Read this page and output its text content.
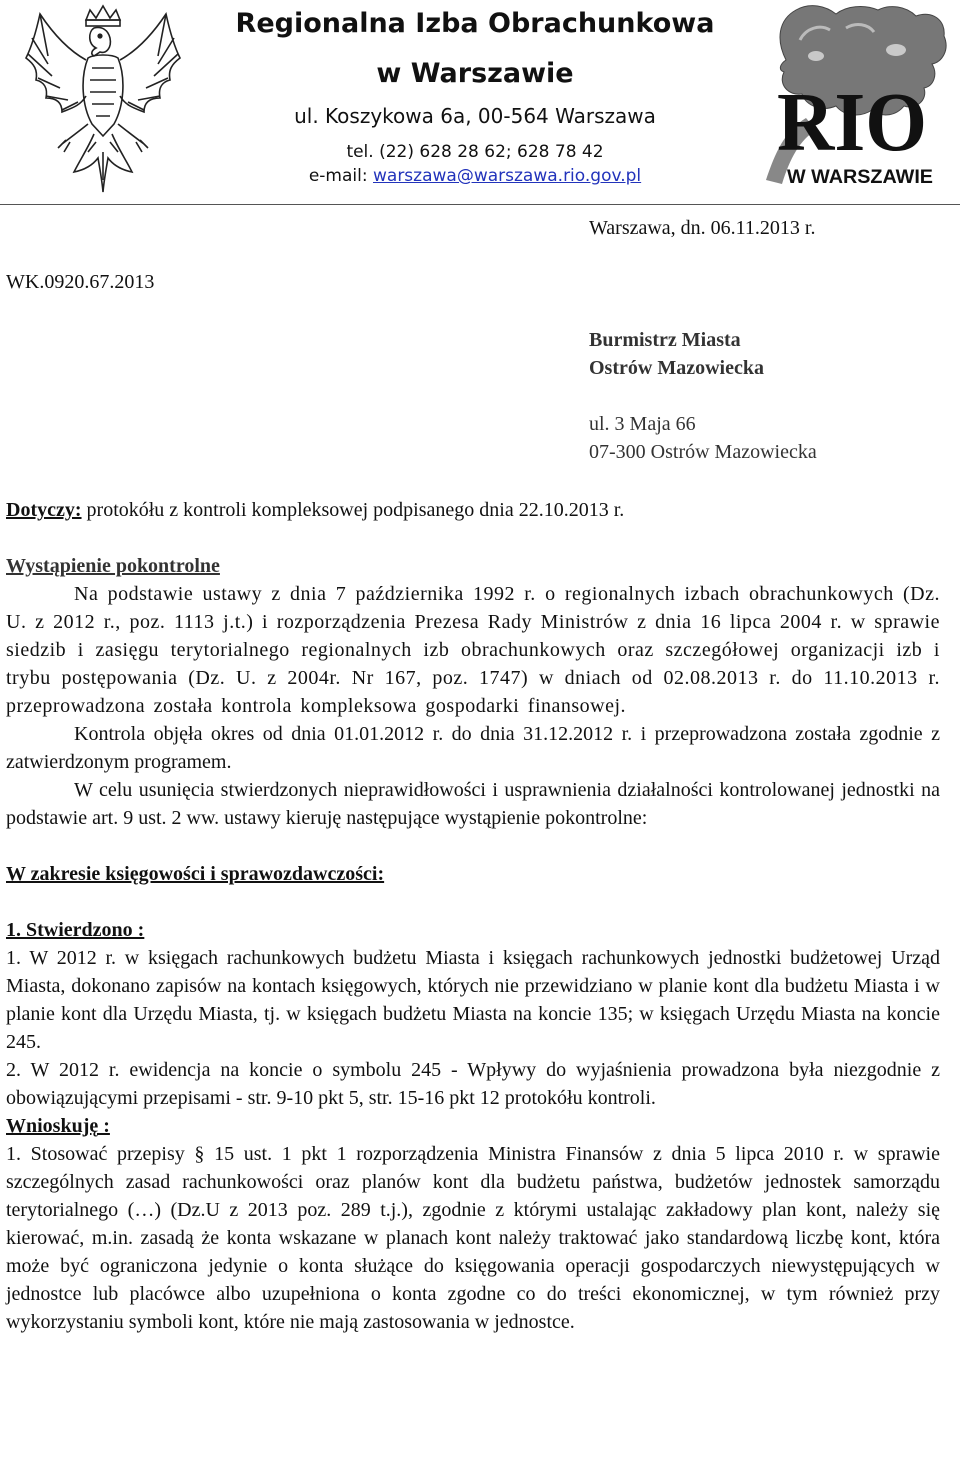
Regionalna Izba Obrachunkowa
w Warszawie
ul. Koszykowa 6a, 00-564 Warszawa
tel. (22) 628 28 62; 628 78 42
e-mail: warszawa@warszawa.rio.gov.pl
RIO
W WARSZAWIE
Warszawa, dn. 06.11.2013 r.
WK.0920.67.2013
Burmistrz Miasta
Ostrów Mazowiecka
ul. 3 Maja 66
07-300 Ostrów Mazowiecka
Dotyczy: protokółu z kontroli kompleksowej podpisanego dnia 22.10.2013 r.
Wystąpienie pokontrolne

Na podstawie ustawy z dnia 7 października 1992 r. o regionalnych izbach obrachunkowych (Dz. U. z 2012 r., poz. 1113 j.t.) i rozporządzenia Prezesa Rady Ministrów z dnia 16 lipca 2004 r. w sprawie siedzib i zasięgu terytorialnego regionalnych izb obrachunkowych oraz szczegółowej organizacji izb i trybu postępowania (Dz. U. z 2004r. Nr 167, poz. 1747) w dniach od 02.08.2013 r. do 11.10.2013 r. przeprowadzona została kontrola kompleksowa gospodarki finansowej.

Kontrola objęła okres od dnia 01.01.2012 r. do dnia 31.12.2012 r. i przeprowadzona została zgodnie z zatwierdzonym programem.

W celu usunięcia stwierdzonych nieprawidłowości i usprawnienia działalności kontrolowanej jednostki na podstawie art. 9 ust. 2 ww. ustawy kieruję następujące wystąpienie pokontrolne:

W zakresie księgowości i sprawozdawczości:

1. Stwierdzono :

1. W 2012 r. w księgach rachunkowych budżetu Miasta i księgach rachunkowych jednostki budżetowej Urząd Miasta, dokonano zapisów na kontach księgowych, których nie przewidziano w planie kont dla budżetu Miasta i w planie kont dla Urzędu Miasta, tj. w księgach budżetu Miasta na koncie 135; w księgach Urzędu Miasta na koncie 245.

2. W 2012 r. ewidencja na koncie o symbolu 245 - Wpływy do wyjaśnienia prowadzona była niezgodnie z obowiązującymi przepisami - str. 9-10 pkt 5, str. 15-16 pkt 12 protokółu kontroli.

Wnioskuję :

1. Stosować przepisy § 15 ust. 1 pkt 1 rozporządzenia Ministra Finansów z dnia 5 lipca 2010 r. w sprawie szczególnych zasad rachunkowości oraz planów kont dla budżetu państwa, budżetów jednostek samorządu terytorialnego (…) (Dz.U z 2013 poz. 289 t.j.), zgodnie z którymi ustalając zakładowy plan kont, należy się kierować, m.in. zasadą że konta wskazane w planach kont należy traktować jako standardową liczbę kont, która może być ograniczona jedynie o konta służące do księgowania operacji gospodarczych niewystępujących w jednostce lub placówce albo uzupełniona o konta zgodne co do treści ekonomicznej, w tym również przy wykorzystaniu symboli kont, które nie mają zastosowania w jednostce.
